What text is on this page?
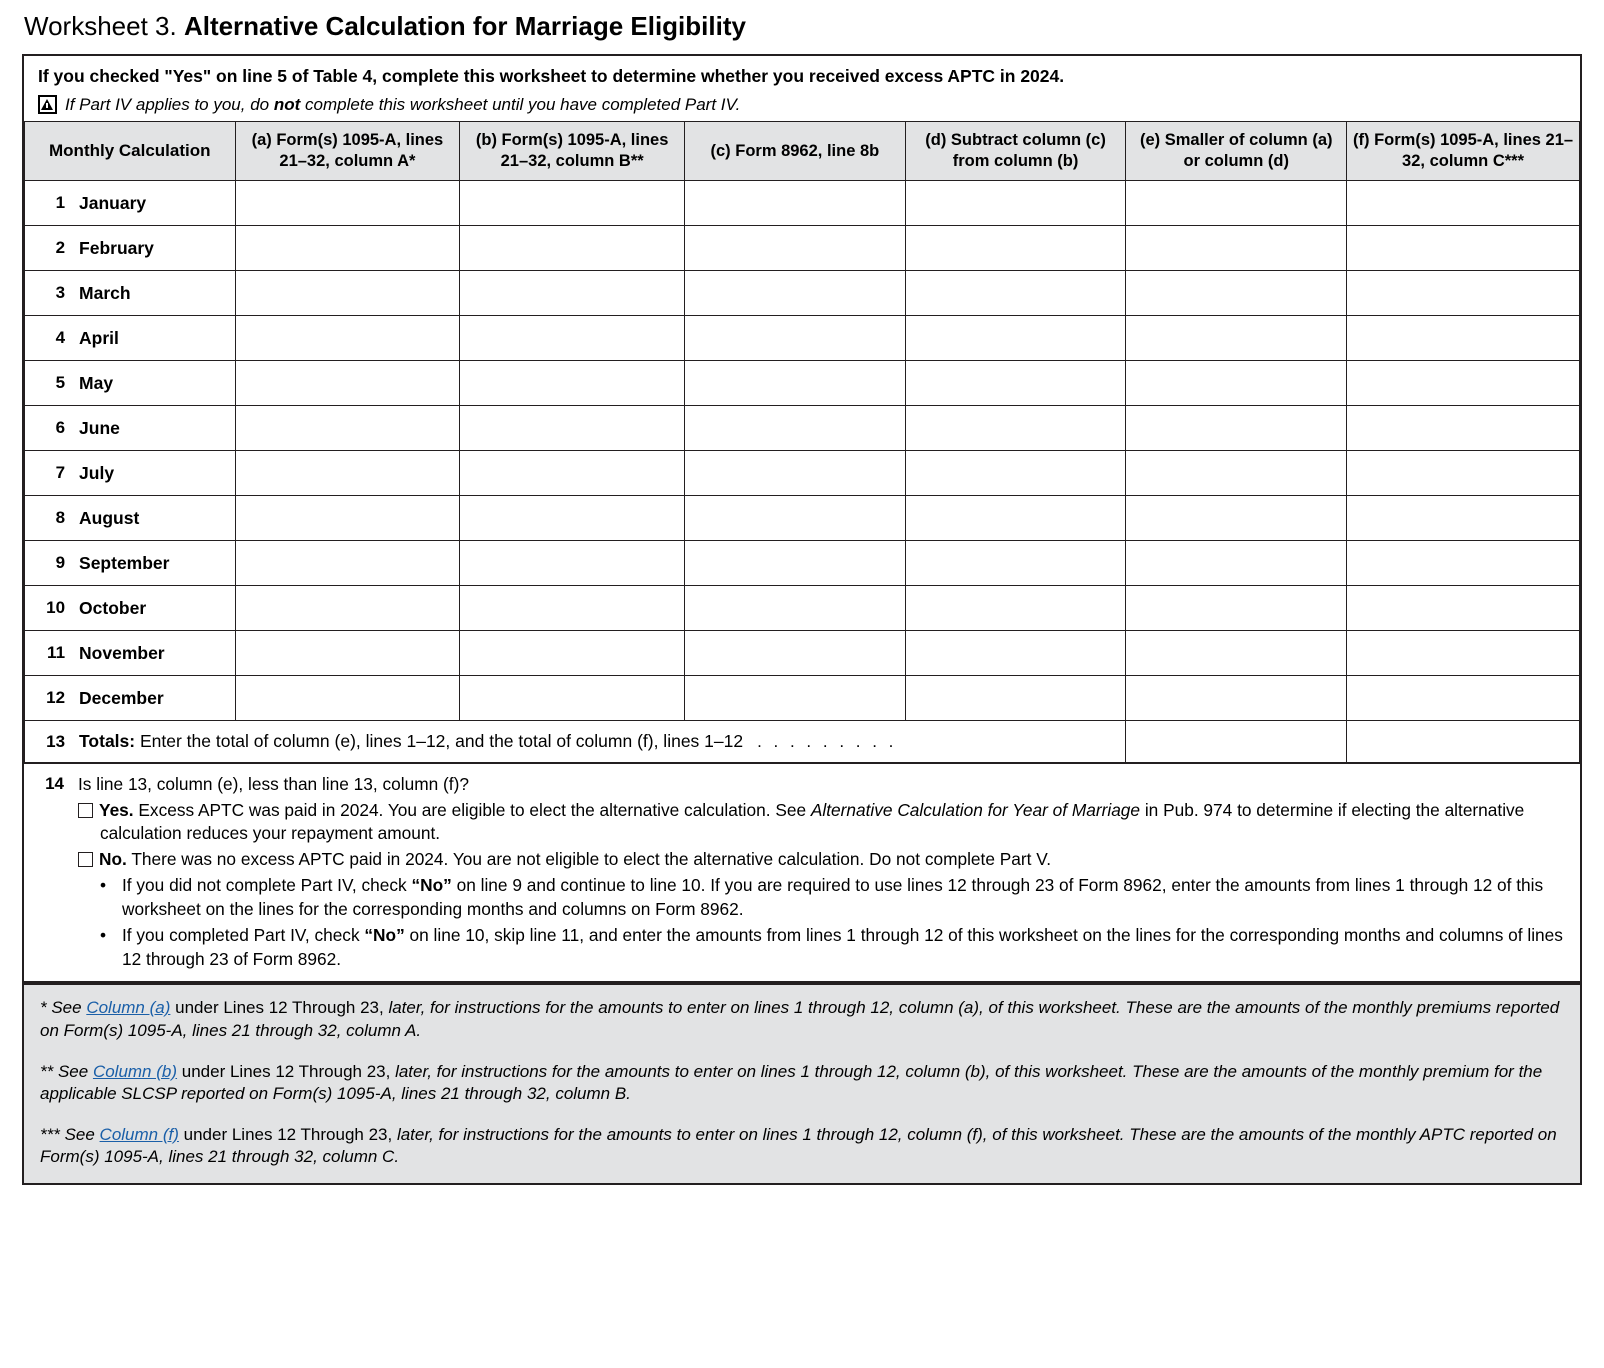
Worksheet 3. Alternative Calculation for Marriage Eligibility
If you checked "Yes" on line 5 of Table 4, complete this worksheet to determine whether you received excess APTC in 2024.
If Part IV applies to you, do not complete this worksheet until you have completed Part IV.
Monthly Calculation		(a) Form(s) 1095-A, lines 21–32, column A*	(b) Form(s) 1095-A, lines 21–32, column B**	(c) Form 8962, line 8b	(d) Subtract column (c) from column (b)	(e) Smaller of column (a) or column (d)	(f) Form(s) 1095-A, lines 21–32, column C***
1	January						
2	February						
3	March						
4	April						
5	May						
6	June						
7	July						
8	August						
9	September						
10	October						
11	November						
12	December						
13	Totals: Enter the total of column (e), lines 1–12, and the total of column (f), lines 1–12 . . . . . . . . .						
14 Is line 13, column (e), less than line 13, column (f)?
Yes. Excess APTC was paid in 2024. You are eligible to elect the alternative calculation. See Alternative Calculation for Year of Marriage in Pub. 974 to determine if electing the alternative calculation reduces your repayment amount.
No. There was no excess APTC paid in 2024. You are not eligible to elect the alternative calculation. Do not complete Part V.
• If you did not complete Part IV, check “No” on line 9 and continue to line 10. If you are required to use lines 12 through 23 of Form 8962, enter the amounts from lines 1 through 12 of this worksheet on the lines for the corresponding months and columns on Form 8962.
• If you completed Part IV, check “No” on line 10, skip line 11, and enter the amounts from lines 1 through 12 of this worksheet on the lines for the corresponding months and columns of lines 12 through 23 of Form 8962.

* See Column (a) under Lines 12 Through 23, later, for instructions for the amounts to enter on lines 1 through 12, column (a), of this worksheet. These are the amounts of the monthly premiums reported on Form(s) 1095-A, lines 21 through 32, column A.

** See Column (b) under Lines 12 Through 23, later, for instructions for the amounts to enter on lines 1 through 12, column (b), of this worksheet. These are the amounts of the monthly premium for the applicable SLCSP reported on Form(s) 1095-A, lines 21 through 32, column B.

*** See Column (f) under Lines 12 Through 23, later, for instructions for the amounts to enter on lines 1 through 12, column (f), of this worksheet. These are the amounts of the monthly APTC reported on Form(s) 1095-A, lines 21 through 32, column C.
